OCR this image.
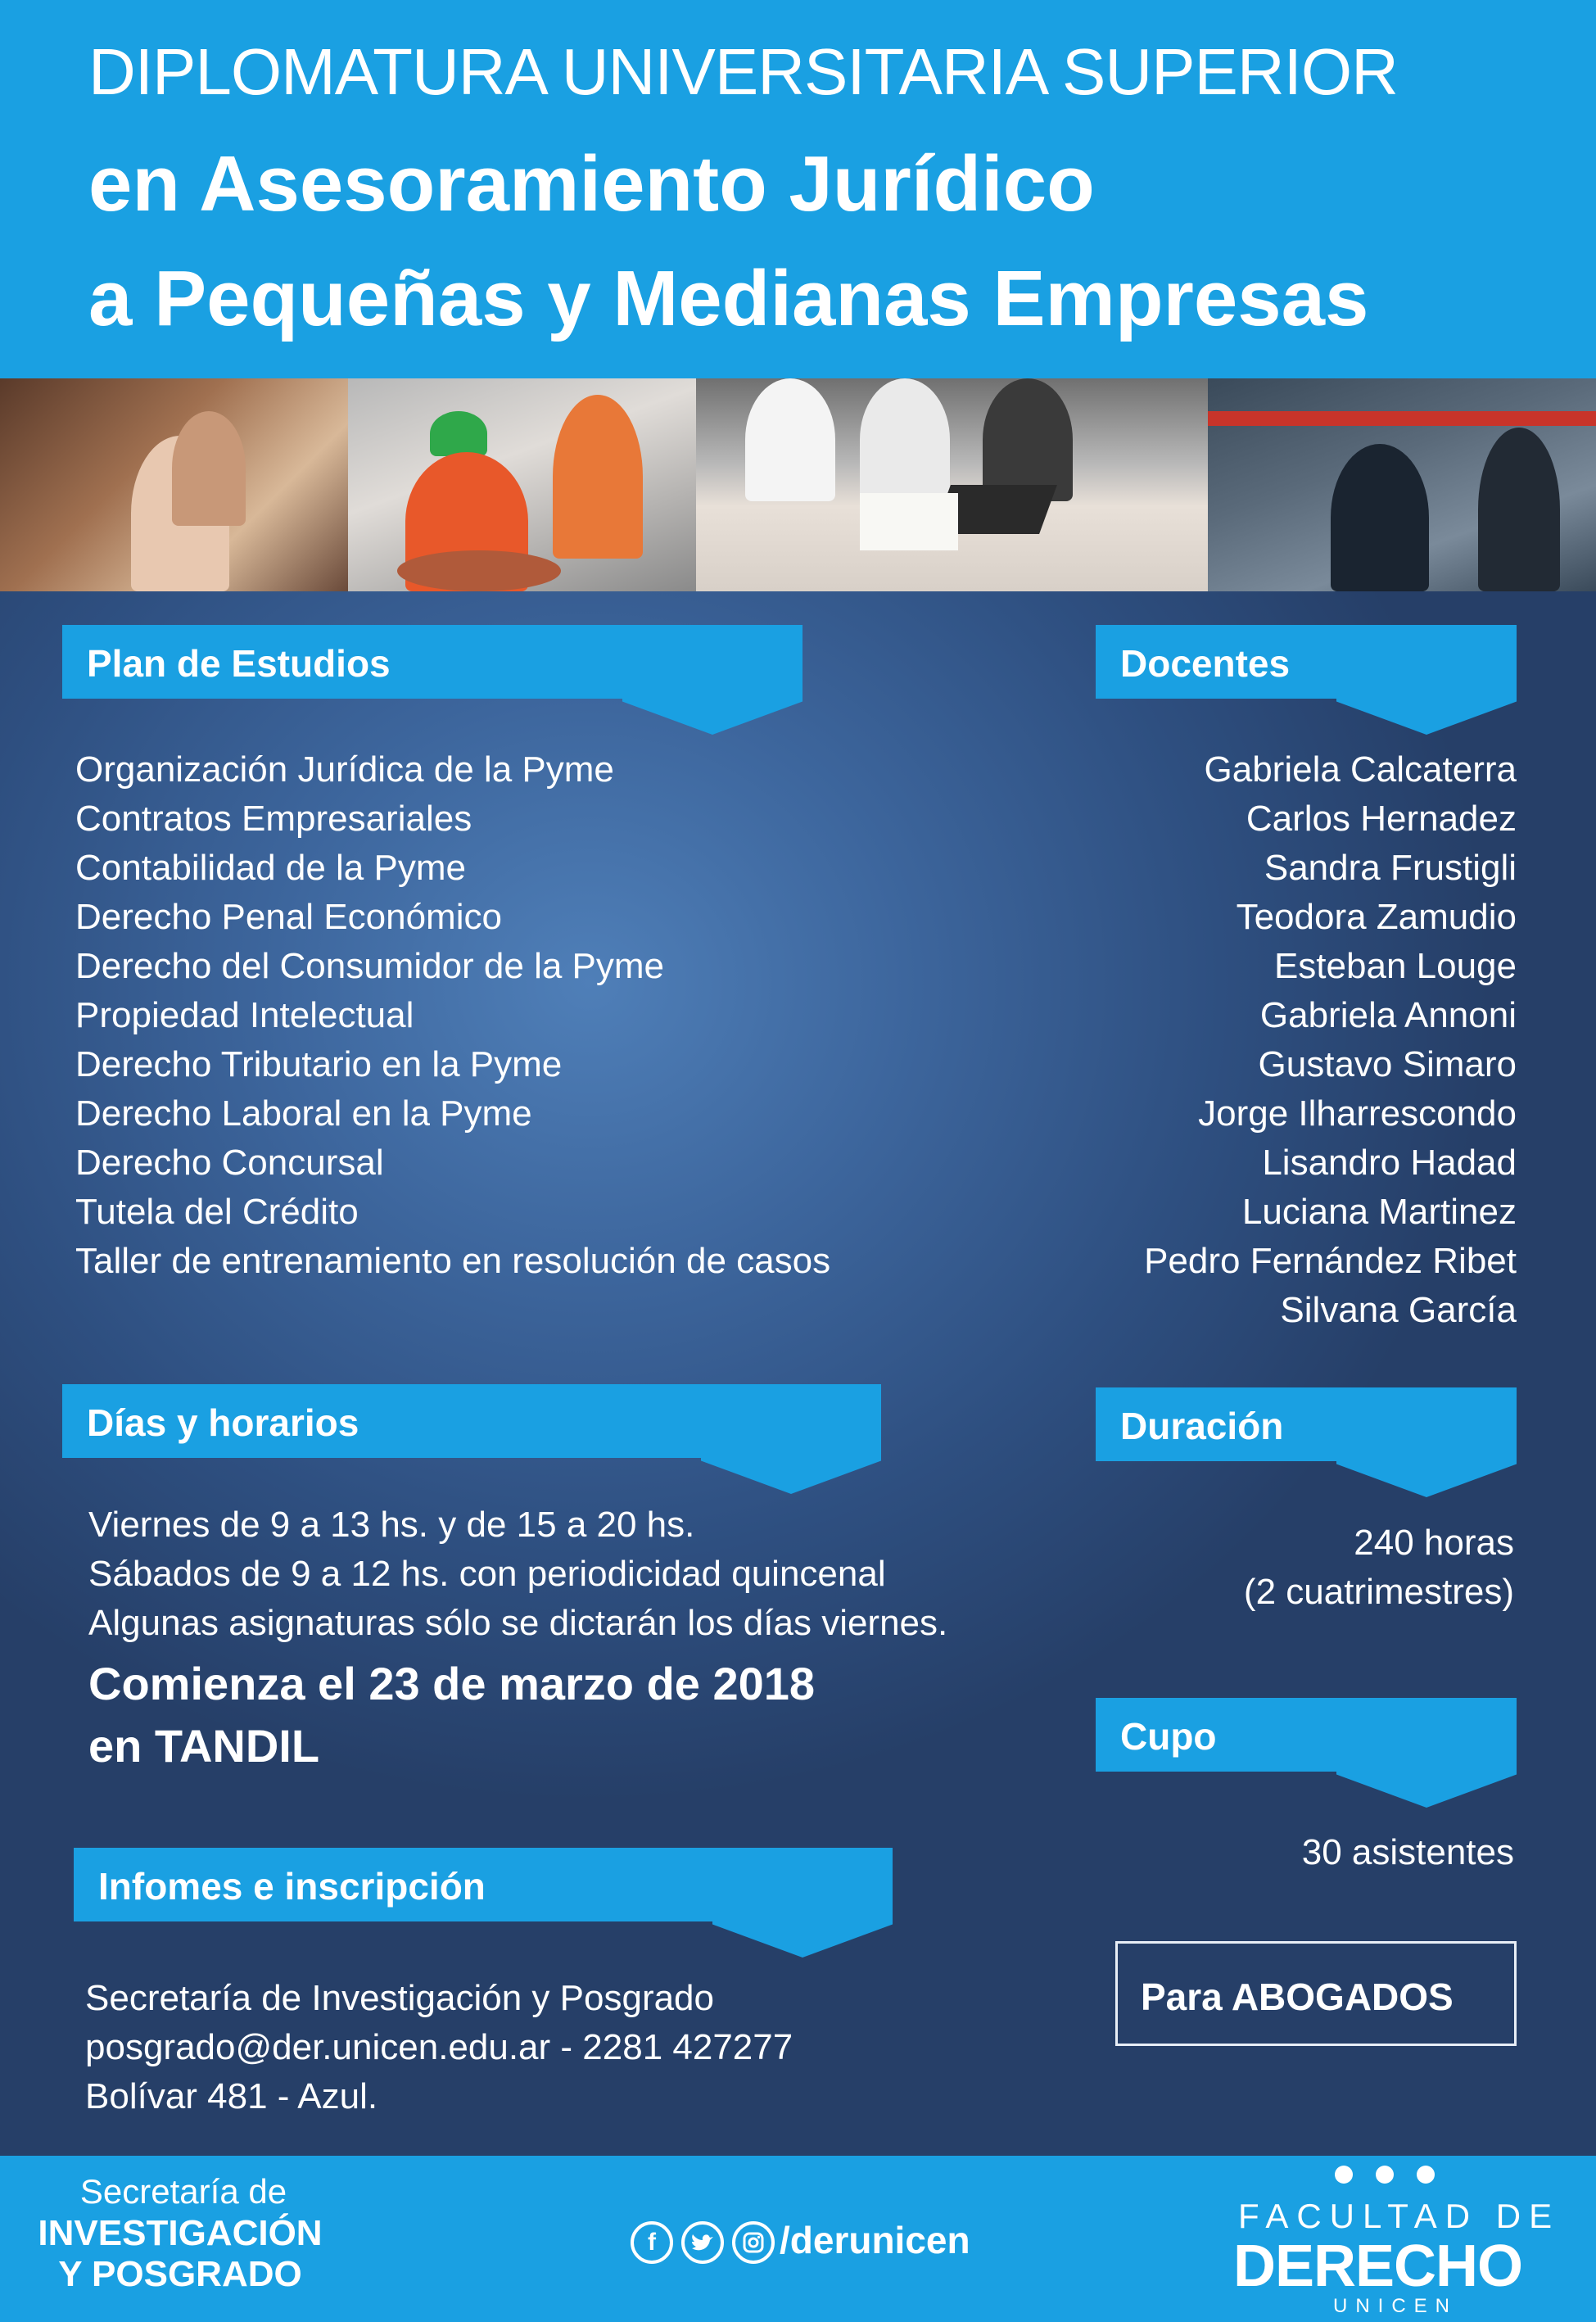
DIPLOMATURA UNIVERSITARIA SUPERIOR
en Asesoramiento Jurídico
a Pequeñas y Medianas Empresas
Plan de Estudios
Organización Jurídica de la Pyme
Contratos Empresariales
Contabilidad de la Pyme
Derecho Penal Económico
Derecho del Consumidor de la Pyme
Propiedad Intelectual
Derecho Tributario en la Pyme
Derecho Laboral en la Pyme
Derecho Concursal
Tutela del Crédito
Taller de entrenamiento en resolución de casos
Docentes
Gabriela Calcaterra
Carlos Hernadez
Sandra Frustigli
Teodora Zamudio
Esteban Louge
Gabriela Annoni
Gustavo Simaro
Jorge Ilharrescondo
Lisandro Hadad
Luciana Martinez
Pedro Fernández Ribet
Silvana García
Días y horarios
Viernes de 9 a 13 hs. y de 15 a 20 hs.
Sábados de 9 a 12 hs. con periodicidad quincenal
Algunas asignaturas sólo se dictarán los días viernes.
Comienza el 23 de marzo de 2018
en TANDIL
Duración
240 horas
(2 cuatrimestres)
Cupo
30 asistentes
Infomes e inscripción
Secretaría de Investigación y Posgrado
posgrado@der.unicen.edu.ar - 2281 427277
Bolívar 481 - Azul.
Para ABOGADOS
Secretaría de
INVESTIGACIÓN
Y POSGRADO
f	/derunicen
FACULTAD DE
DERECHO
UNICEN
